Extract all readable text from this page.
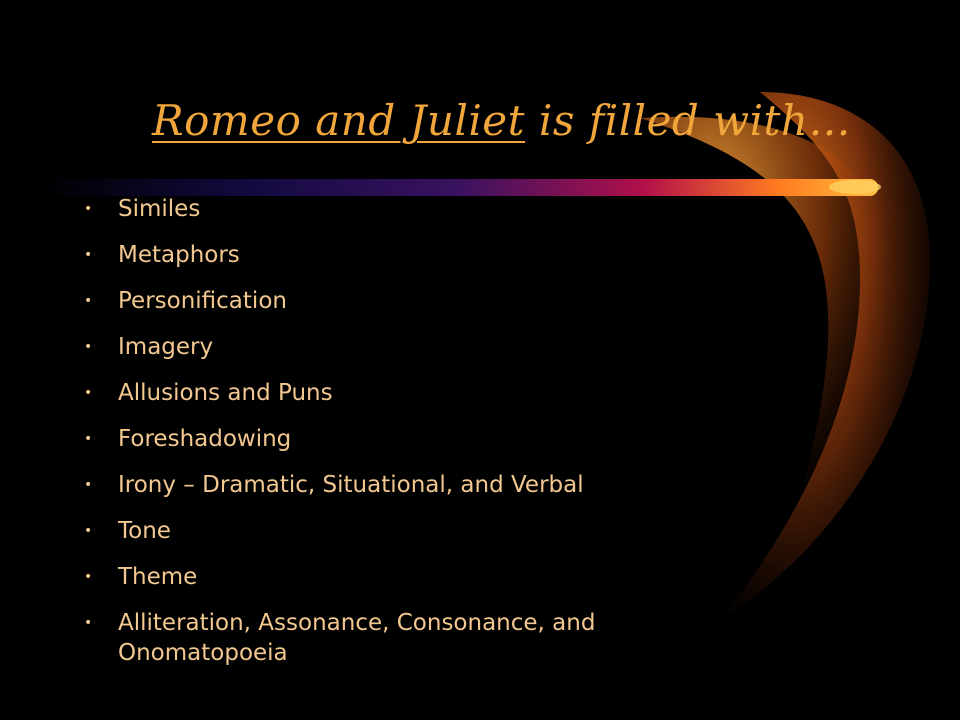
Romeo and Juliet is filled with…
•	Similes
•	Metaphors
•	Personification
•	Imagery
•	Allusions and Puns
•	Foreshadowing
•	Irony – Dramatic, Situational, and Verbal
•	Tone
•	Theme
•	Alliteration, Assonance, Consonance, and Onomatopoeia
